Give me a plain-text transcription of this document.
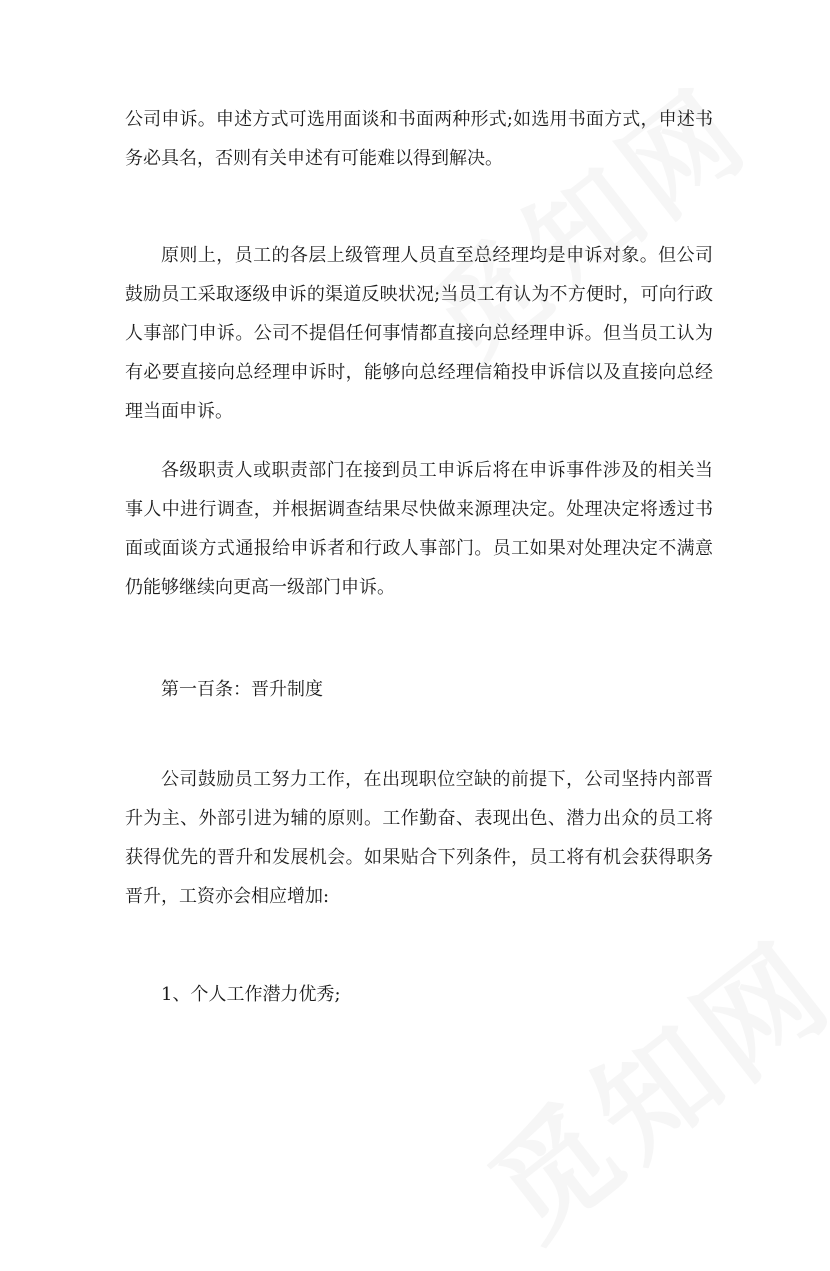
公司申诉。申述方式可选用面谈和书面两种形式;如选用书面方式，申述书务必具名，否则有关申述有可能难以得到解决。

原则上，员工的各层上级管理人员直至总经理均是申诉对象。但公司鼓励员工采取逐级申诉的渠道反映状况;当员工有认为不方便时，可向行政人事部门申诉。公司不提倡任何事情都直接向总经理申诉。但当员工认为有必要直接向总经理申诉时，能够向总经理信箱投申诉信以及直接向总经理当面申诉。

各级职责人或职责部门在接到员工申诉后将在申诉事件涉及的相关当事人中进行调查，并根据调查结果尽快做来源理决定。处理决定将透过书面或面谈方式通报给申诉者和行政人事部门。员工如果对处理决定不满意仍能够继续向更高一级部门申诉。

第一百条：晋升制度

公司鼓励员工努力工作，在出现职位空缺的前提下，公司坚持内部晋升为主、外部引进为辅的原则。工作勤奋、表现出色、潜力出众的员工将获得优先的晋升和发展机会。如果贴合下列条件，员工将有机会获得职务晋升，工资亦会相应增加:

1、个人工作潜力优秀;
